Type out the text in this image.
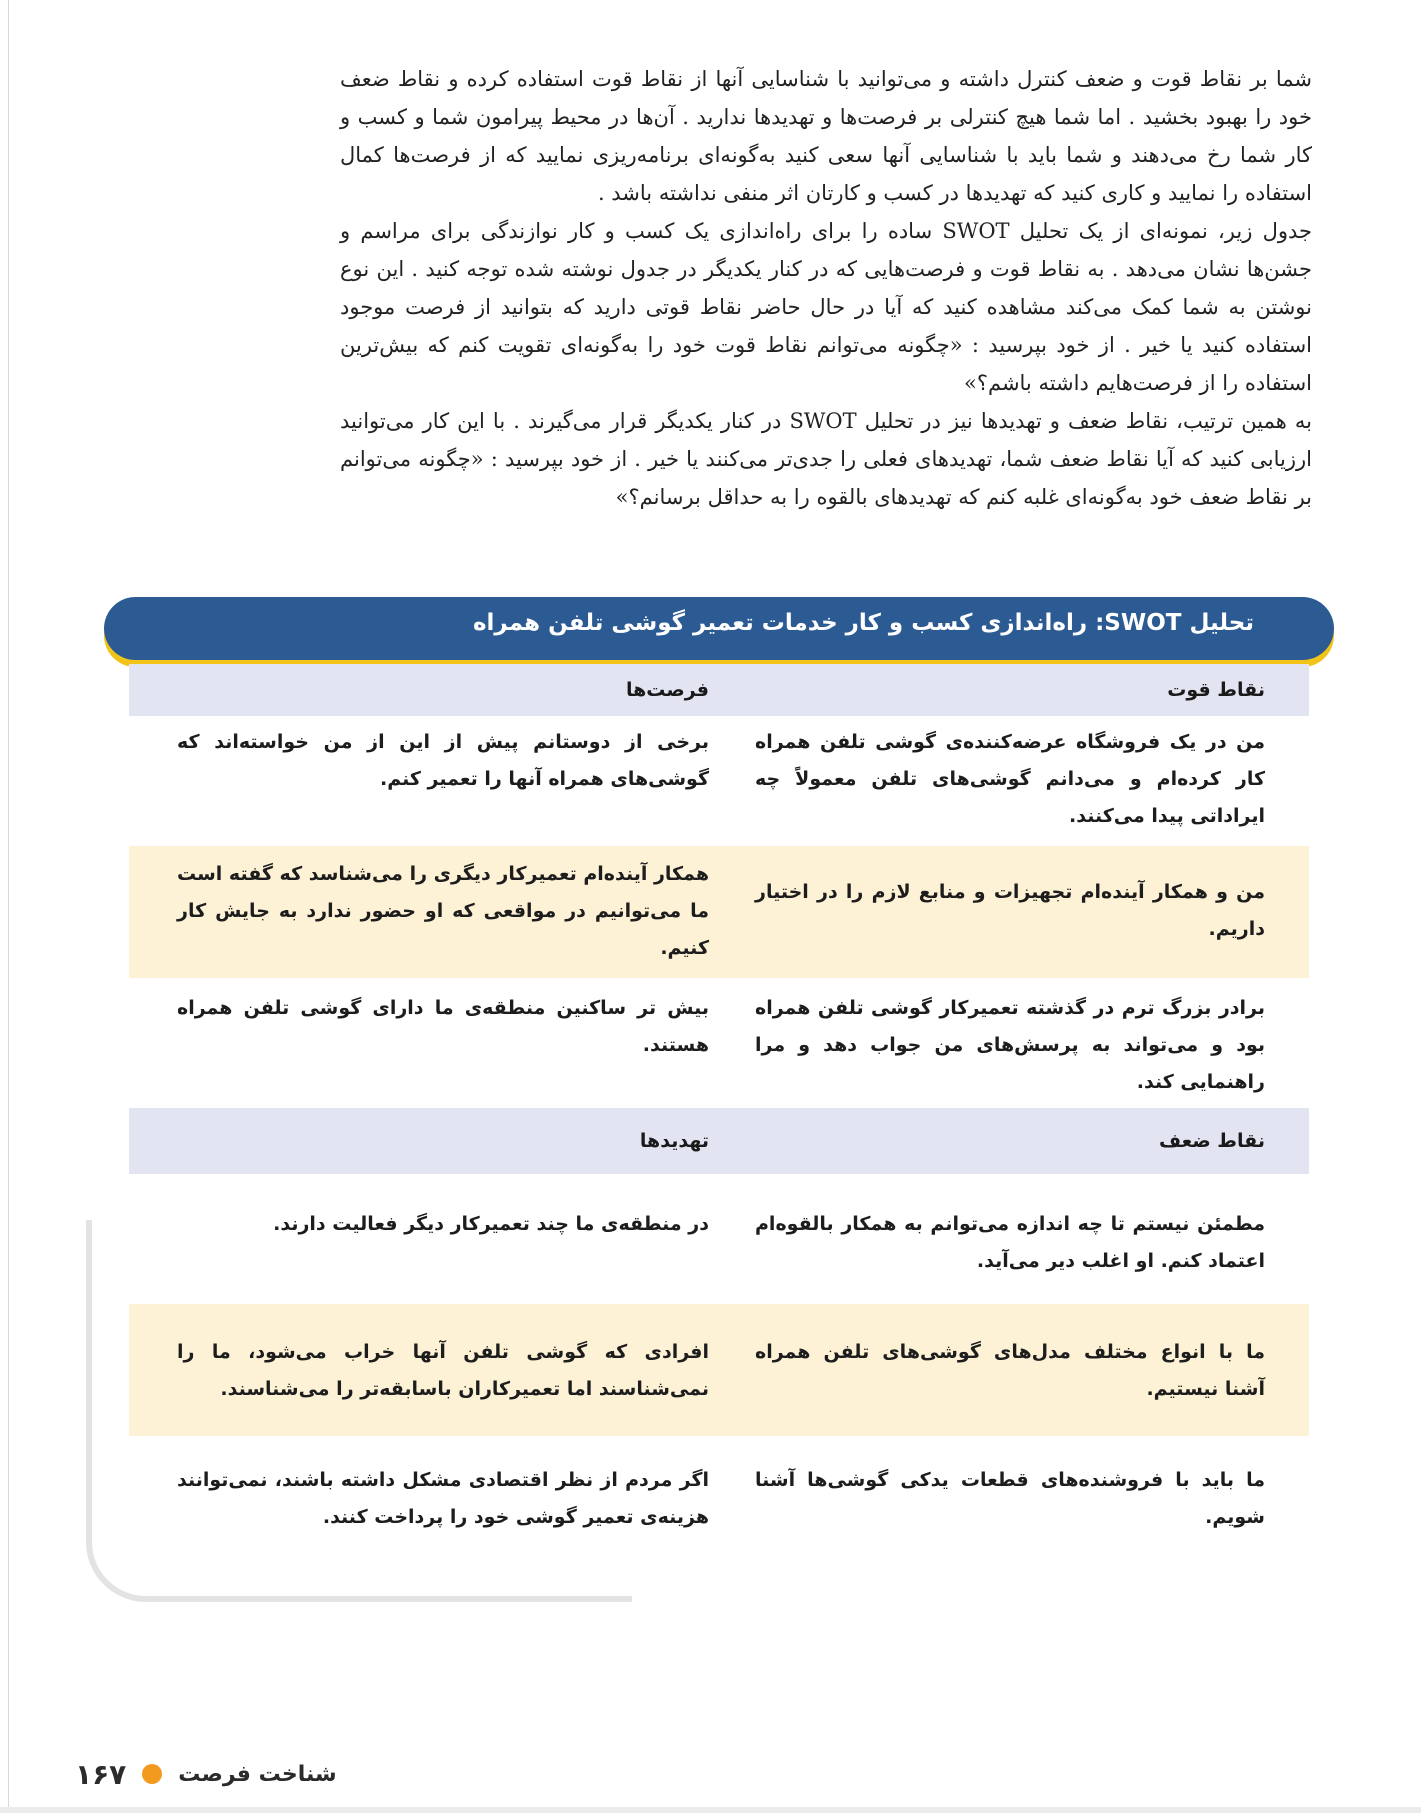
شما بر نقاط قوت و ضعف کنترل داشته و می‌توانید با شناسایی آنها از نقاط قوت استفاده کرده و نقاط ضعف خود را بهبود بخشید . اما شما هیچ کنترلی بر فرصت‌ها و تهدیدها ندارید . آن‌ها در محیط پیرامون شما و کسب و کار شما رخ می‌دهند و شما باید با شناسایی آنها سعی کنید به‌گونه‌ای برنامه‌ریزی نمایید که از فرصت‌ها کمال استفاده را نمایید و کاری کنید که تهدیدها در کسب و کارتان اثر منفی نداشته باشد .

جدول زیر، نمونه‌ای از یک تحلیل SWOT ساده را برای راه‌اندازی یک کسب و کار نوازندگی برای مراسم و جشن‌ها نشان می‌دهد . به نقاط قوت و فرصت‌هایی که در کنار یکدیگر در جدول نوشته شده توجه کنید . این نوع نوشتن به شما کمک می‌کند مشاهده کنید که آیا در حال حاضر نقاط قوتی دارید که بتوانید از فرصت موجود استفاده کنید یا خیر . از خود بپرسید : «چگونه می‌توانم نقاط قوت خود را به‌گونه‌ای تقویت کنم که بیش‌ترین استفاده را از فرصت‌هایم داشته باشم؟»

به همین ترتیب، نقاط ضعف و تهدیدها نیز در تحلیل SWOT در کنار یکدیگر قرار می‌گیرند . با این کار می‌توانید ارزیابی کنید که آیا نقاط ضعف شما، تهدیدهای فعلی را جدی‌تر می‌کنند یا خیر . از خود بپرسید : «چگونه می‌توانم بر نقاط ضعف خود به‌گونه‌ای غلبه کنم که تهدیدهای بالقوه را به حداقل برسانم؟»

تحلیل SWOT: راه‌اندازی کسب و کار خدمات تعمیر گوشی تلفن همراه
نقاط قوت
فرصت‌ها
من در یک فروشگاه عرضه‌کننده‌ی گوشی تلفن همراه کار کرده‌ام و می‌دانم گوشی‌های تلفن معمولاً چه ایراداتی پیدا می‌کنند.
برخی از دوستانم پیش از این از من خواسته‌اند که گوشی‌های همراه آنها را تعمیر کنم.
من و همکار آینده‌ام تجهیزات و منابع لازم را در اختیار داریم.
همکار آینده‌ام تعمیرکار دیگری را می‌شناسد که گفته است ما می‌توانیم در مواقعی که او حضور ندارد به جایش کار کنیم.
برادر بزرگ ترم در گذشته تعمیرکار گوشی تلفن همراه بود و می‌تواند به پرسش‌های من جواب دهد و مرا راهنمایی کند.
بیش تر ساکنین منطقه‌ی ما دارای گوشی تلفن همراه هستند.
نقاط ضعف
تهدیدها
مطمئن نیستم تا چه اندازه می‌توانم به همکار بالقوه‌ام اعتماد کنم. او اغلب دیر می‌آید.
در منطقه‌ی ما چند تعمیرکار دیگر فعالیت دارند.
ما با انواع مختلف مدل‌های گوشی‌های تلفن همراه آشنا نیستیم.
افرادی که گوشی تلفن آنها خراب می‌شود، ما را نمی‌شناسند اما تعمیرکاران باسابقه‌تر را می‌شناسند.
ما باید با فروشنده‌های قطعات یدکی گوشی‌ها آشنا شویم.
اگر مردم از نظر اقتصادی مشکل داشته باشند، نمی‌توانند هزینه‌ی تعمیر گوشی خود را پرداخت کنند.
شناخت فرصت
۱۶۷
